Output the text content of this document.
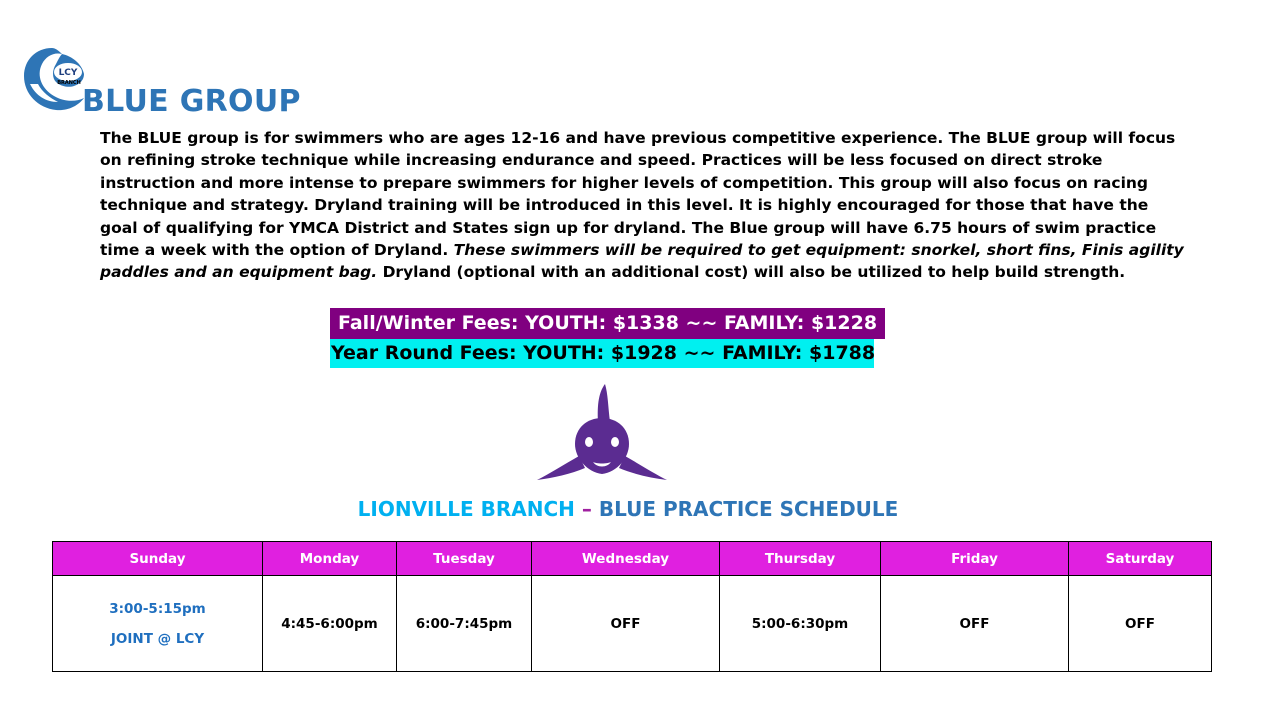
LCY
BRANCH
BLUE GROUP
The BLUE group is for swimmers who are ages 12-16 and have previous competitive experience. The BLUE group will focus on refining stroke technique while increasing endurance and speed. Practices will be less focused on direct stroke instruction and more intense to prepare swimmers for higher levels of competition. This group will also focus on racing technique and strategy. Dryland training will be introduced in this level. It is highly encouraged for those that have the goal of qualifying for YMCA District and States sign up for dryland. The Blue group will have 6.75 hours of swim practice time a week with the option of Dryland. These swimmers will be required to get equipment: snorkel, short fins, Finis agility paddles and an equipment bag. Dryland (optional with an additional cost) will also be utilized to help build strength.
Fall/Winter Fees: YOUTH: $1338 ~~ FAMILY: $1228
Year Round Fees: YOUTH: $1928 ~~ FAMILY: $1788
LIONVILLE BRANCH – BLUE PRACTICE SCHEDULE
Sunday	Monday	Tuesday	Wednesday	Thursday	Friday	Saturday

3:00-5:15pm
JOINT @ LCY	4:45-6:00pm	6:00-7:45pm	OFF	5:00-6:30pm	OFF	OFF
